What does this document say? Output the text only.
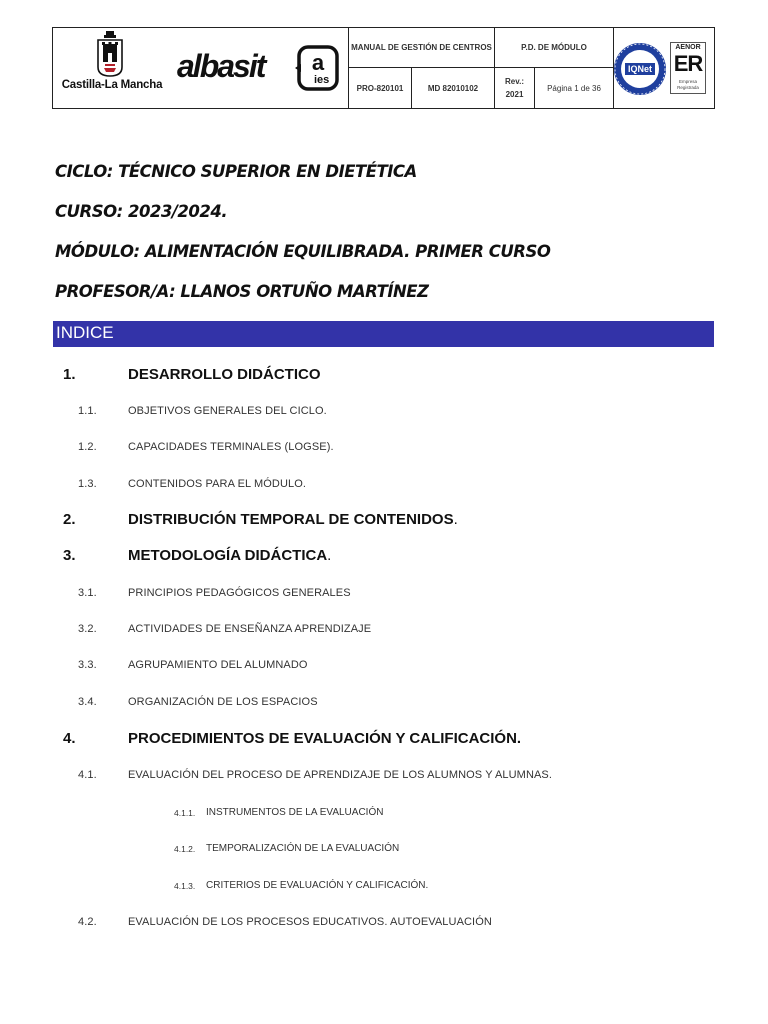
Castilla-La Mancha
albasit a
ies
MANUAL DE GESTIÓN DE CENTROS	P.D. DE MÓDULO
PRO-820101	MD 82010102
Rev.: 2021
Página 1 de 36
IQNet
AENOR
ER
Empresa Registrada
CICLO: TÉCNICO SUPERIOR EN DIETÉTICA
CURSO: 2023/2024.
MÓDULO: ALIMENTACIÓN EQUILIBRADA. PRIMER CURSO
PROFESOR/A: LLANOS ORTUÑO MARTÍNEZ
INDICE
1.	DESARROLLO DIDÁCTICO
1.1.	OBJETIVOS GENERALES DEL CICLO.
1.2.	CAPACIDADES TERMINALES (LOGSE).
1.3.	CONTENIDOS PARA EL MÓDULO.
2.	DISTRIBUCIÓN TEMPORAL DE CONTENIDOS.
3.	METODOLOGÍA DIDÁCTICA.
3.1.	PRINCIPIOS PEDAGÓGICOS GENERALES
3.2.	ACTIVIDADES DE ENSEÑANZA APRENDIZAJE
3.3.	AGRUPAMIENTO DEL ALUMNADO
3.4.	ORGANIZACIÓN DE LOS ESPACIOS
4.	PROCEDIMIENTOS DE EVALUACIÓN Y CALIFICACIÓN.
4.1.	EVALUACIÓN DEL PROCESO DE APRENDIZAJE DE LOS ALUMNOS Y ALUMNAS.
4.1.1. INSTRUMENTOS DE LA EVALUACIÓN
4.1.2. TEMPORALIZACIÓN DE LA EVALUACIÓN
4.1.3. CRITERIOS DE EVALUACIÓN Y CALIFICACIÓN.
4.2.	EVALUACIÓN DE LOS PROCESOS EDUCATIVOS. AUTOEVALUACIÓN
